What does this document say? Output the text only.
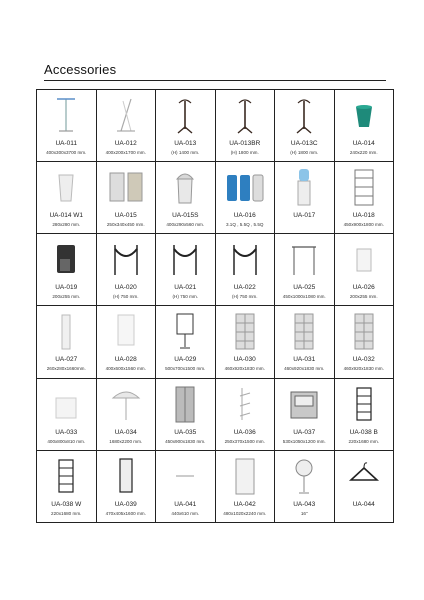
Accessories
UA-011
400x300x3700 mm.
UA-012
400x200x1700 mm.
UA-013
(H) 1400 mm.
UA-013BR
(H) 1800 mm.
UA-013C
(H) 1800 mm.
UA-014
240x220 mm.
UA-014 W1
280x280 mm.
UA-015
250x340x450 mm.
UA-015S
400x290x560 mm.
UA-016
3.1Q , 5.5Q , 5.5Q
UA-017	UA-018
450x900x1800 mm.
UA-019
200x255 mm.
UA-020
(H) 750 mm.
UA-021
(H) 750 mm.
UA-022
(H) 750 mm.
UA-025
450x1000x1080 mm.
UA-026
200x255 mm.
UA-027
260x280x1660mm.
UA-028
400x600x1560 mm.
UA-029
500x700x1500 mm.
UA-030
460x920x1830 mm.
UA-031
460x920x1830 mm.
UA-032
460x920x1830 mm.
UA-033
400x800x810 mm.
UA-034
1680x2200 mm.
UA-035
450x900x1830 mm.
UA-036
250x370x1500 mm.
UA-037
530x1050x1200 mm.
UA-038 B
220x1680 mm.
UA-038 W
220x1680 mm.
UA-039
470x405x1600 mm.
UA-041
440x610 mm.
UA-042
480x1020x2240 mm.
UA-043
16"
UA-044
